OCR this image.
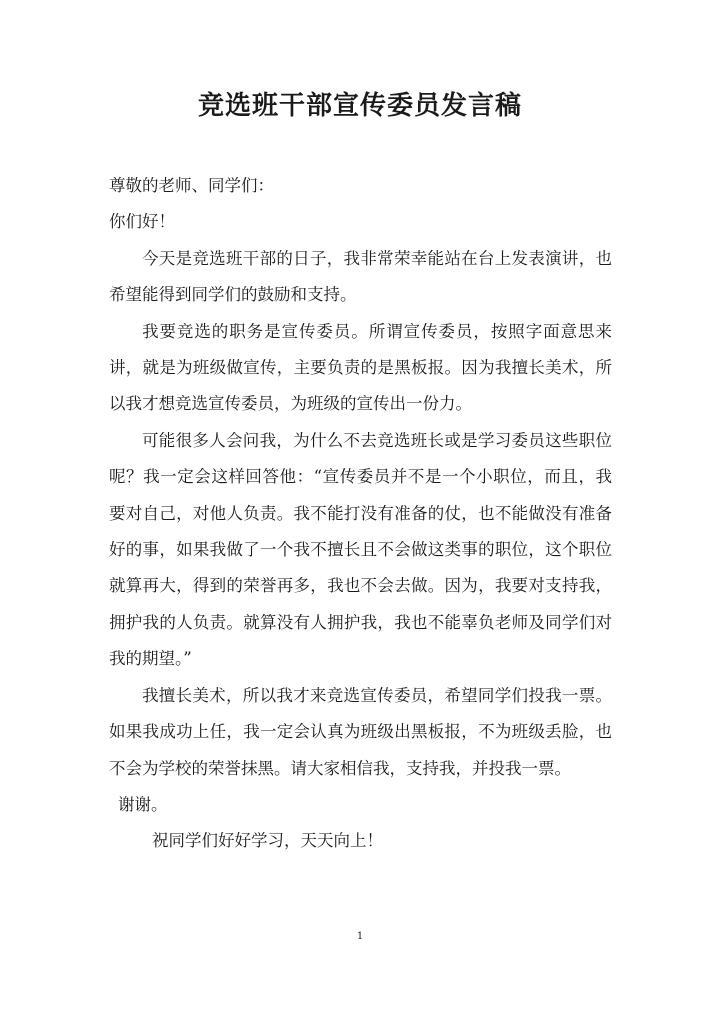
竞选班干部宣传委员发言稿

尊敬的老师、同学们：

你们好！

今天是竞选班干部的日子，我非常荣幸能站在台上发表演讲，也希望能得到同学们的鼓励和支持。

我要竞选的职务是宣传委员。所谓宣传委员，按照字面意思来讲，就是为班级做宣传，主要负责的是黑板报。因为我擅长美术，所以我才想竞选宣传委员，为班级的宣传出一份力。

可能很多人会问我，为什么不去竞选班长或是学习委员这些职位呢？我一定会这样回答他：“宣传委员并不是一个小职位，而且，我要对自己，对他人负责。我不能打没有准备的仗，也不能做没有准备好的事，如果我做了一个我不擅长且不会做这类事的职位，这个职位就算再大，得到的荣誉再多，我也不会去做。因为，我要对支持我，拥护我的人负责。就算没有人拥护我，我也不能辜负老师及同学们对我的期望。”

我擅长美术，所以我才来竞选宣传委员，希望同学们投我一票。如果我成功上任，我一定会认真为班级出黑板报，不为班级丢脸，也不会为学校的荣誉抹黑。请大家相信我，支持我，并投我一票。

谢谢。

祝同学们好好学习，天天向上！

1
